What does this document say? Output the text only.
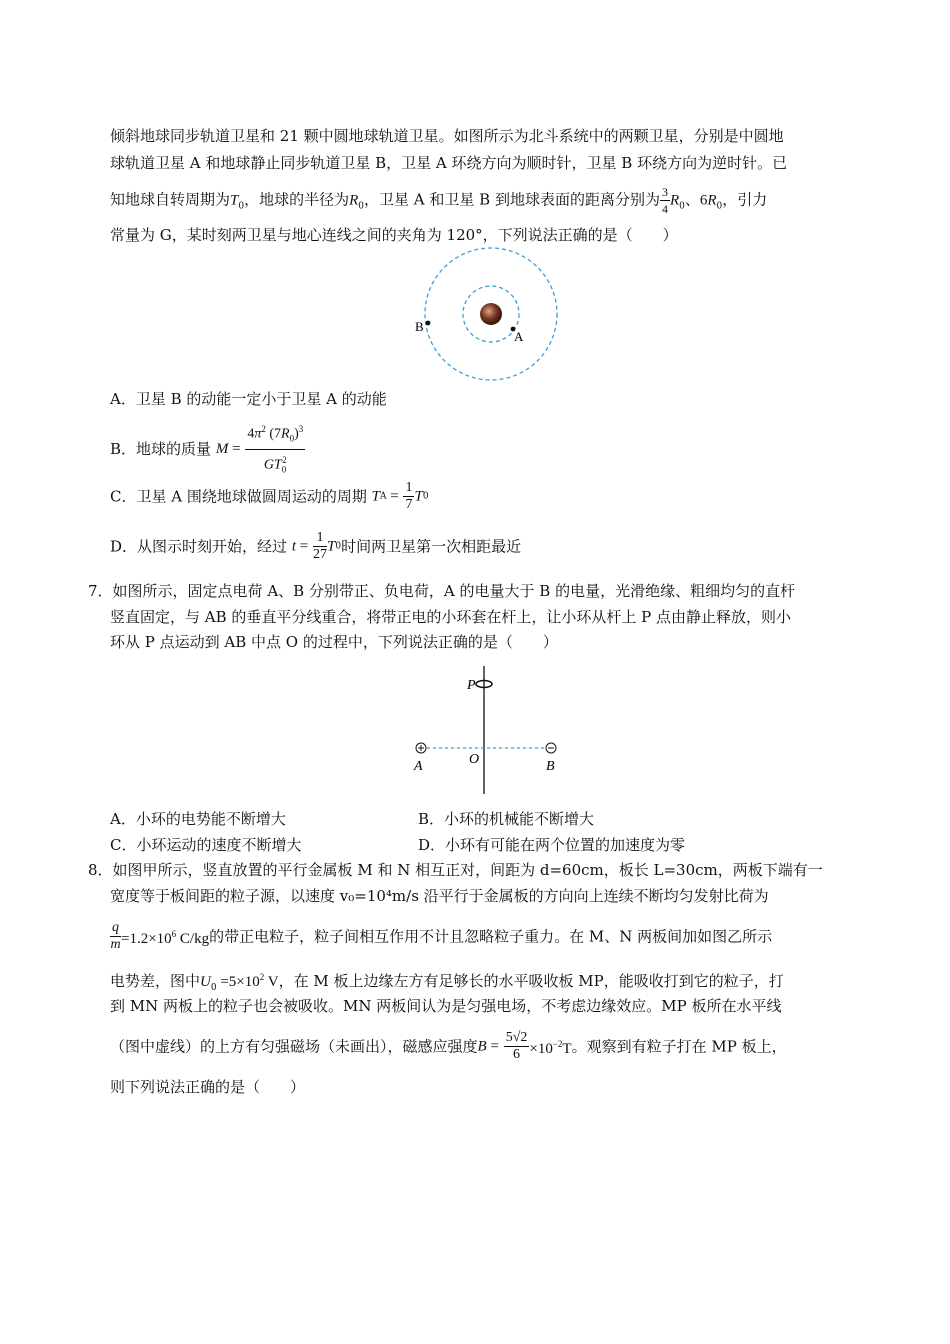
倾斜地球同步轨道卫星和 21 颗中圆地球轨道卫星。如图所示为北斗系统中的两颗卫星，分别是中圆地
球轨道卫星 A 和地球静止同步轨道卫星 B，卫星 A 环绕方向为顺时针，卫星 B 环绕方向为逆时针。已
知地球自转周期为$T_0$，地球的半径为$R_0$，卫星 A 和卫星 B 到地球表面的距离分别为 $\frac{3}{4} R_0$、$6R_0$，引力
常量为 G，某时刻两卫星与地心连线之间的夹角为 120°，下列说法正确的是（　　）
A
B
A．卫星 B 的动能一定小于卫星 A 的动能
B．地球的质量 $M = \frac{4\pi^2 (7R_0)^3}{GT_0^2}$
C．卫星 A 围绕地球做圆周运动的周期 TA = $\frac{1}{7} T0$
D．从图示时刻开始，经过 $t = \frac{1}{27} T0$时间两卫星第一次相距最近
7．如图所示，固定点电荷 A、B 分别带正、负电荷，A 的电量大于 B 的电量，光滑绝缘、粗细均匀的直杆
竖直固定，与 AB 的垂直平分线重合，将带正电的小环套在杆上，让小环从杆上 P 点由静止释放，则小
环从 P 点运动到 AB 中点 O 的过程中，下列说法正确的是（　　）
P
O
A	B
A．小环的电势能不断增大	B．小环的机械能不断增大
C．小环运动的速度不断增大	D．小环有可能在两个位置的加速度为零
8．如图甲所示，竖直放置的平行金属板 M 和 N 相互正对，间距为 d=60cm，板长 L=30cm，两板下端有一
宽度等于板间距的粒子源，以速度 v₀=10⁴m/s 沿平行于金属板的方向向上连续不断均匀发射比荷为
$\frac{q}{m} =1.2\times 10^6$ C/kg的带正电粒子，粒子间相互作用不计且忽略粒子重力。在 M、N 两板间加如图乙所示
电势差，图中$U_0 =5\times 10^2$ V，在 M 板上边缘左方有足够长的水平吸收板 MP，能吸收打到它的粒子，打
到 MN 两板上的粒子也会被吸收。MN 两板间认为是匀强电场，不考虑边缘效应。MP 板所在水平线
（图中虚线）的上方有匀强磁场（未画出），磁感应强度$B = \frac{5√2}{6} \times 10^{-2}T$。观察到有粒子打在 MP 板上，
则下列说法正确的是（　　）
